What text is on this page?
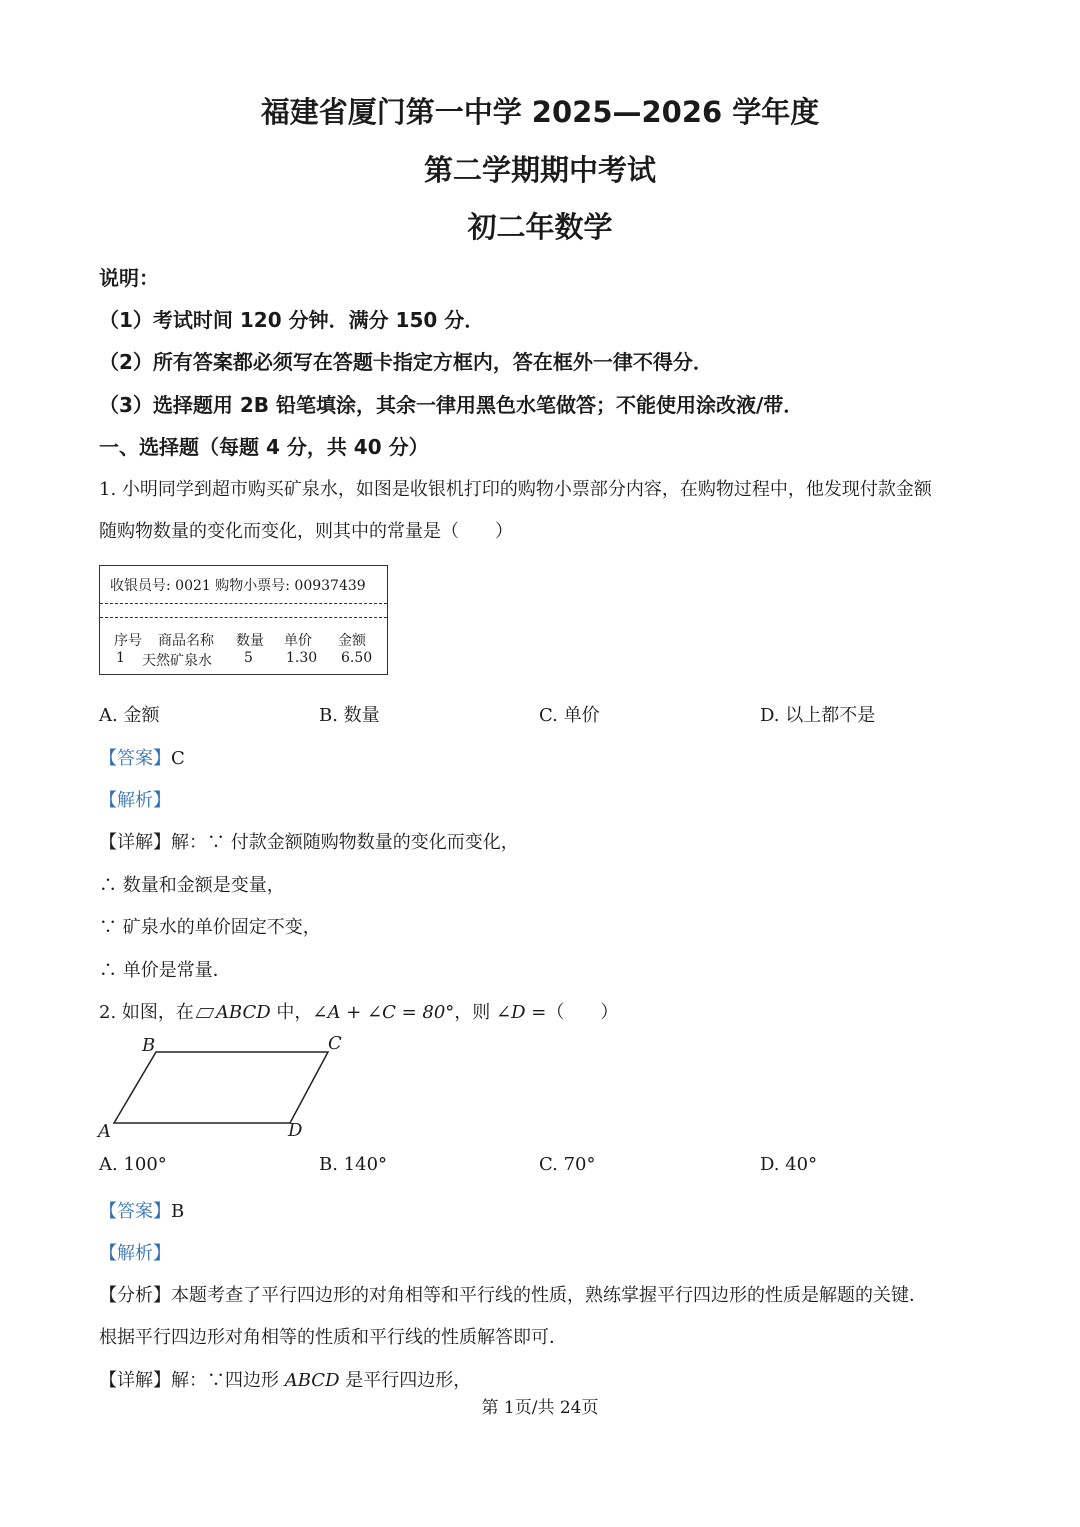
福建省厦门第一中学 2025—2026 学年度
第二学期期中考试
初二年数学
说明：
（1）考试时间 120 分钟．满分 150 分．
（2）所有答案都必须写在答题卡指定方框内，答在框外一律不得分．
（3）选择题用 2B 铅笔填涂，其余一律用黑色水笔做答；不能使用涂改液/带．
一、选择题（每题 4 分，共 40 分）
1. 小明同学到超市购买矿泉水，如图是收银机打印的购物小票部分内容，在购物过程中，他发现付款金额
随购物数量的变化而变化，则其中的常量是（　　）
收银员号: 0021 购物小票号: 00937439
序号 商品名称 数量 单价 金额
1 天然矿泉水 5 1.30 6.50
A. 金额	B. 数量	C. 单价	D. 以上都不是
【答案】C
【解析】
【详解】解：∵ 付款金额随购物数量的变化而变化，
∴ 数量和金额是变量，
∵ 矿泉水的单价固定不变，
∴ 单价是常量．
2. 如图，在 ABCD 中，∠A + ∠C = 80°，则 ∠D =（　　）
B	C
A	D
A. 100°	B. 140°	C. 70°	D. 40°
【答案】B
【解析】
【分析】本题考查了平行四边形的对角相等和平行线的性质，熟练掌握平行四边形的性质是解题的关键．
根据平行四边形对角相等的性质和平行线的性质解答即可．
【详解】解：∵四边形 ABCD 是平行四边形，
第 1页/共 24页
